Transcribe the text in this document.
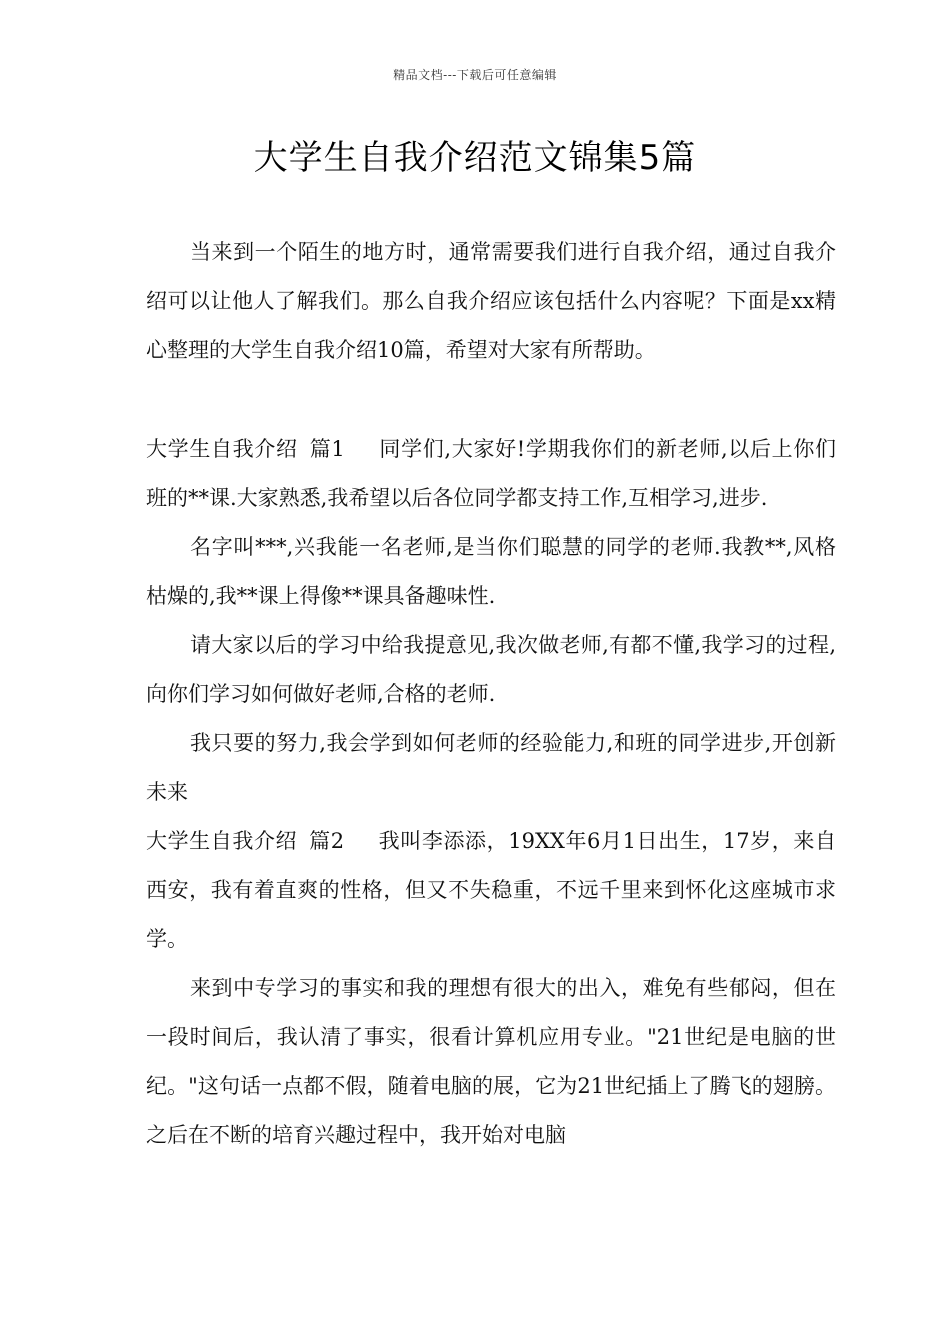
精品文档---下载后可任意编辑
大学生自我介绍范文锦集5篇

当来到一个陌生的地方时，通常需要我们进行自我介绍，通过自我介绍可以让他人了解我们。那么自我介绍应该包括什么内容呢？下面是xx精心整理的大学生自我介绍10篇，希望对大家有所帮助。

大学生自我介绍 篇1 同学们,大家好!学期我你们的新老师,以后上你们班的**课.大家熟悉,我希望以后各位同学都支持工作,互相学习,进步.

名字叫***,兴我能一名老师,是当你们聪慧的同学的老师.我教**,风格枯燥的,我**课上得像**课具备趣味性.

请大家以后的学习中给我提意见,我次做老师,有都不懂,我学习的过程,向你们学习如何做好老师,合格的老师.

我只要的努力,我会学到如何老师的经验能力,和班的同学进步,开创新未来

大学生自我介绍 篇2 我叫李添添，19XX年6月1日出生，17岁，来自西安，我有着直爽的性格，但又不失稳重，不远千里来到怀化这座城市求学。

来到中专学习的事实和我的理想有很大的出入，难免有些郁闷，但在一段时间后，我认清了事实，很看计算机应用专业。"21世纪是电脑的世纪。"这句话一点都不假，随着电脑的展，它为21世纪插上了腾飞的翅膀。之后在不断的培育兴趣过程中，我开始对电脑
